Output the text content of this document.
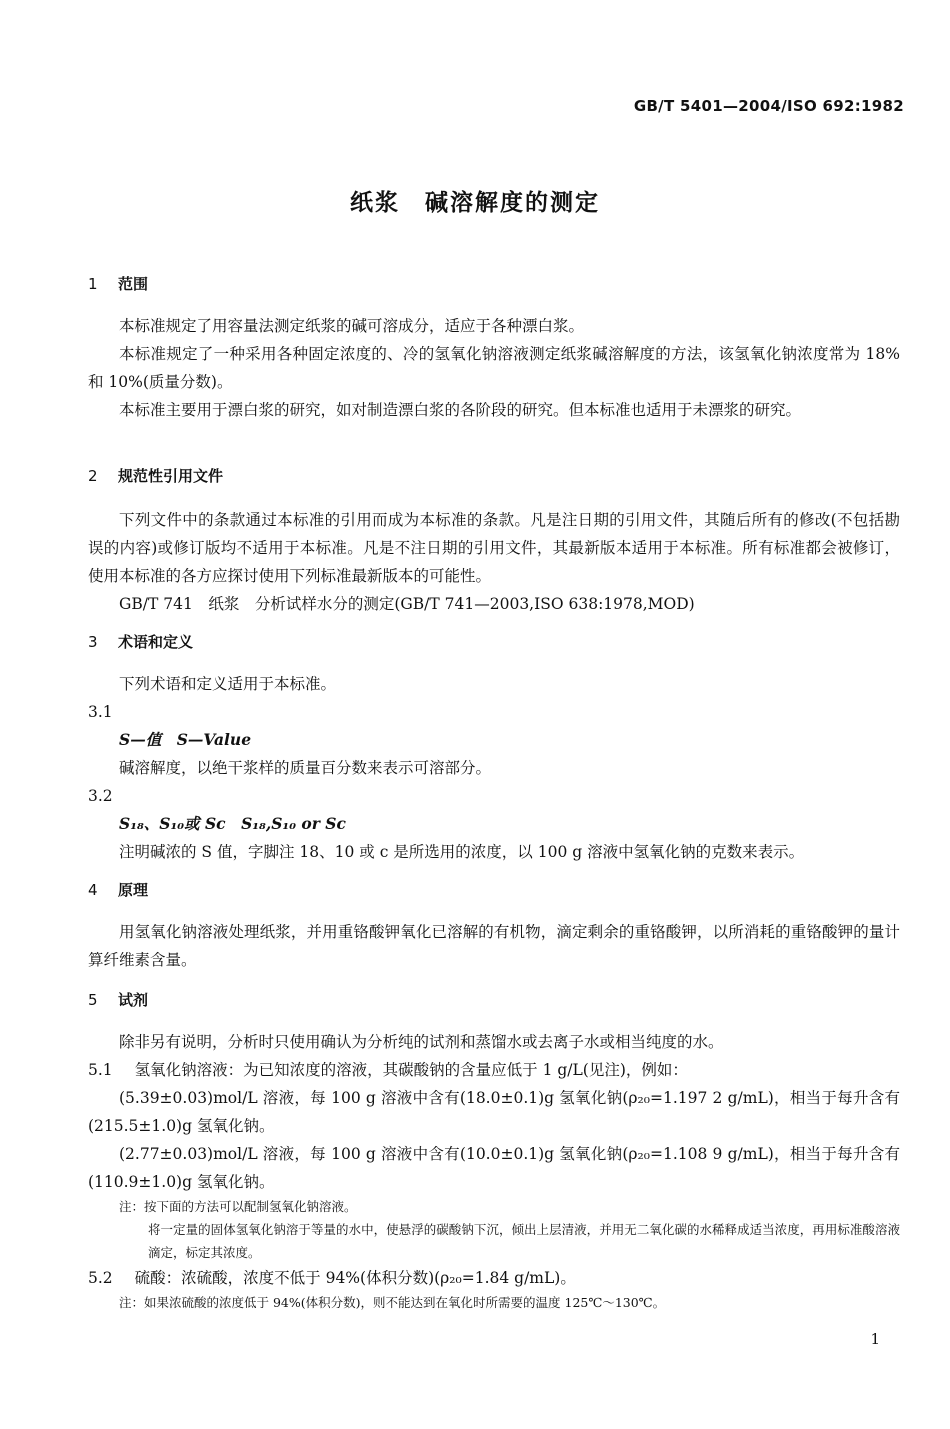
GB/T 5401—2004/ISO 692:1982
纸浆　碱溶解度的测定
1 范围
本标准规定了用容量法测定纸浆的碱可溶成分，适应于各种漂白浆。
本标准规定了一种采用各种固定浓度的、冷的氢氧化钠溶液测定纸浆碱溶解度的方法，该氢氧化钠浓度常为 18%和 10%(质量分数)。
本标准主要用于漂白浆的研究，如对制造漂白浆的各阶段的研究。但本标准也适用于未漂浆的研究。
2 规范性引用文件
下列文件中的条款通过本标准的引用而成为本标准的条款。凡是注日期的引用文件，其随后所有的修改(不包括勘误的内容)或修订版均不适用于本标准。凡是不注日期的引用文件，其最新版本适用于本标准。所有标准都会被修订，使用本标准的各方应探讨使用下列标准最新版本的可能性。
GB/T 741　纸浆　分析试样水分的测定(GB/T 741—2003,ISO 638:1978,MOD)
3 术语和定义
下列术语和定义适用于本标准。
3.1
S—值　S—Value
碱溶解度，以绝干浆样的质量百分数来表示可溶部分。
3.2
S₁₈、S₁₀或 Sc　S₁₈,S₁₀ or Sc
注明碱浓的 S 值，字脚注 18、10 或 c 是所选用的浓度，以 100 g 溶液中氢氧化钠的克数来表示。
4 原理
用氢氧化钠溶液处理纸浆，并用重铬酸钾氧化已溶解的有机物，滴定剩余的重铬酸钾，以所消耗的重铬酸钾的量计算纤维素含量。
5 试剂
除非另有说明，分析时只使用确认为分析纯的试剂和蒸馏水或去离子水或相当纯度的水。
5.1 氢氧化钠溶液：为已知浓度的溶液，其碳酸钠的含量应低于 1 g/L(见注)，例如：
(5.39±0.03)mol/L 溶液，每 100 g 溶液中含有(18.0±0.1)g 氢氧化钠(ρ₂₀=1.197 2 g/mL)，相当于每升含有(215.5±1.0)g 氢氧化钠。
(2.77±0.03)mol/L 溶液，每 100 g 溶液中含有(10.0±0.1)g 氢氧化钠(ρ₂₀=1.108 9 g/mL)，相当于每升含有(110.9±1.0)g 氢氧化钠。
注：按下面的方法可以配制氢氧化钠溶液。
将一定量的固体氢氧化钠溶于等量的水中，使悬浮的碳酸钠下沉，倾出上层清液，并用无二氧化碳的水稀释成适当浓度，再用标准酸溶液滴定，标定其浓度。
5.2 硫酸：浓硫酸，浓度不低于 94%(体积分数)(ρ₂₀=1.84 g/mL)。
注：如果浓硫酸的浓度低于 94%(体积分数)，则不能达到在氧化时所需要的温度 125℃～130℃。
1
